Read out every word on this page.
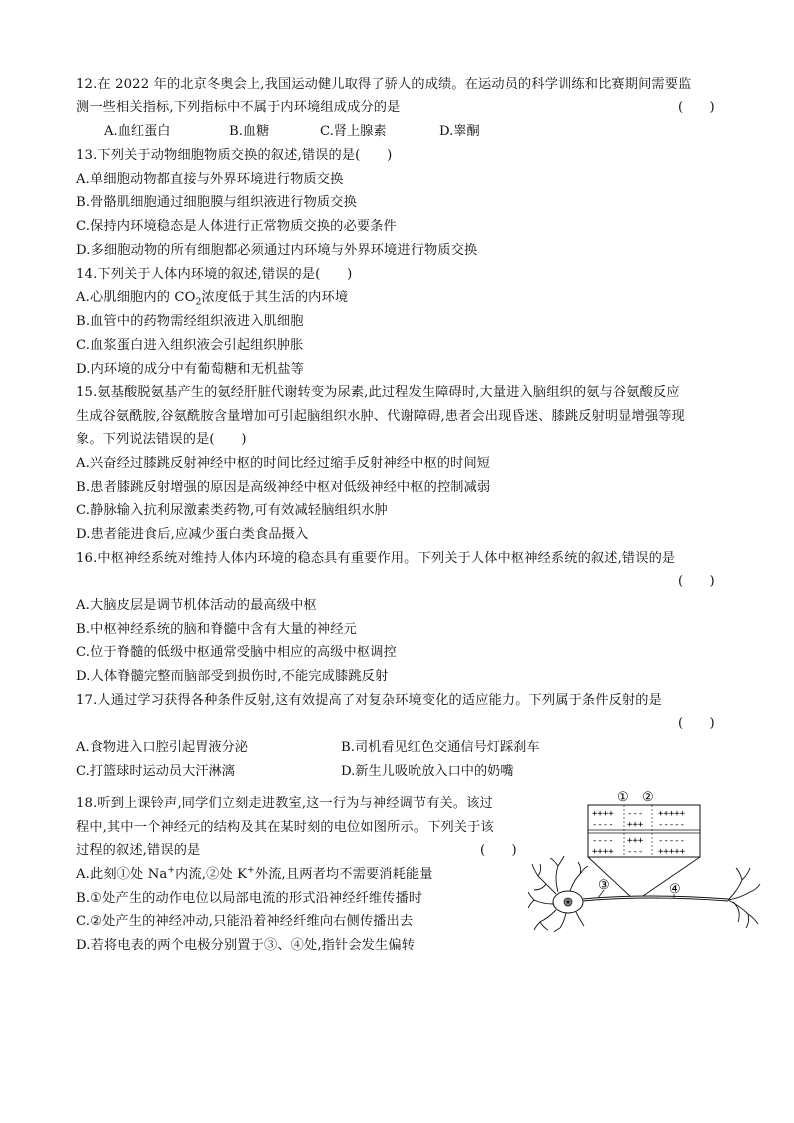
12.在 2022 年的北京冬奥会上,我国运动健儿取得了骄人的成绩。在运动员的科学训练和比赛期间需要监
测一些相关指标,下列指标中不属于内环境组成成分的是	(　　)
A.血红蛋白	B.血糖	C.肾上腺素	D.睾酮
13.下列关于动物细胞物质交换的叙述,错误的是(　　)
A.单细胞动物都直接与外界环境进行物质交换
B.骨骼肌细胞通过细胞膜与组织液进行物质交换
C.保持内环境稳态是人体进行正常物质交换的必要条件
D.多细胞动物的所有细胞都必须通过内环境与外界环境进行物质交换
14.下列关于人体内环境的叙述,错误的是(　　)
A.心肌细胞内的 $CO_2$浓度低于其生活的内环境
B.血管中的药物需经组织液进入肌细胞
C.血浆蛋白进入组织液会引起组织肿胀
D.内环境的成分中有葡萄糖和无机盐等
15.氨基酸脱氨基产生的氨经肝脏代谢转变为尿素,此过程发生障碍时,大量进入脑组织的氨与谷氨酸反应
生成谷氨酰胺,谷氨酰胺含量增加可引起脑组织水肿、代谢障碍,患者会出现昏迷、膝跳反射明显增强等现
象。下列说法错误的是(　　)
A.兴奋经过膝跳反射神经中枢的时间比经过缩手反射神经中枢的时间短
B.患者膝跳反射增强的原因是高级神经中枢对低级神经中枢的控制减弱
C.静脉输入抗利尿激素类药物,可有效减轻脑组织水肿
D.患者能进食后,应减少蛋白类食品摄入
16.中枢神经系统对维持人体内环境的稳态具有重要作用。下列关于人体中枢神经系统的叙述,错误的是
(　　)
A.大脑皮层是调节机体活动的最高级中枢
B.中枢神经系统的脑和脊髓中含有大量的神经元
C.位于脊髓的低级中枢通常受脑中相应的高级中枢调控
D.人体脊髓完整而脑部受到损伤时,不能完成膝跳反射
17.人通过学习获得各种条件反射,这有效提高了对复杂环境变化的适应能力。下列属于条件反射的是
(　　)
A.食物进入口腔引起胃液分泌	B.司机看见红色交通信号灯踩刹车
C.打篮球时运动员大汗淋漓	D.新生儿吸吮放入口中的奶嘴
18.听到上课铃声,同学们立刻走进教室,这一行为与神经调节有关。该过
程中,其中一个神经元的结构及其在某时刻的电位如图所示。下列关于该
过程的叙述,错误的是	(　　)
A.此刻①处 Na+内流,②处 K+外流,且两者均不需要消耗能量
B.①处产生的动作电位以局部电流的形式沿神经纤维传播时
C.②处产生的神经冲动,只能沿着神经纤维向右侧传播出去
D.若将电表的两个电极分别置于③、④处,指针会发生偏转
① ②
++++ --- +++++
---- +++ -----
---- +++ -----
++++ --- +++++
③	④
